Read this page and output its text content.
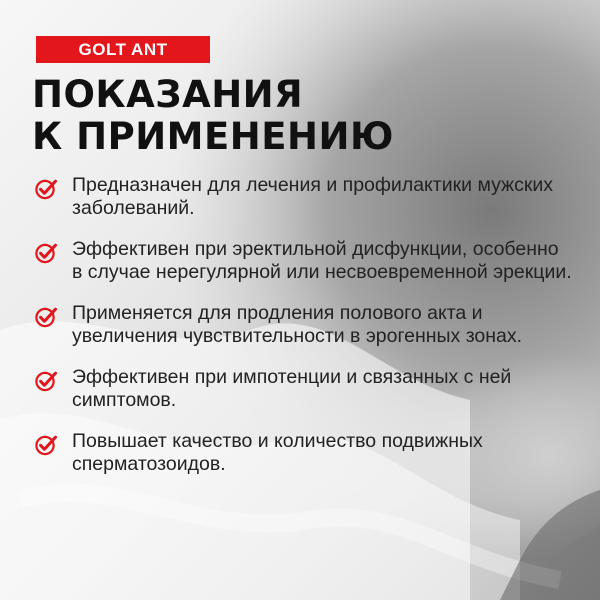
GOLT ANT
ПОКАЗАНИЯ
К ПРИМЕНЕНИЮ
Предназначен для лечения и профилактики мужских заболеваний.
Эффективен при эректильной дисфункции, особенно в случае нерегулярной или несвоевременной эрекции.
Применяется для продления полового акта и увеличения чувствительности в эрогенных зонах.
Эффективен при импотенции и связанных с ней симптомов.
Повышает качество и количество подвижных сперматозоидов.
